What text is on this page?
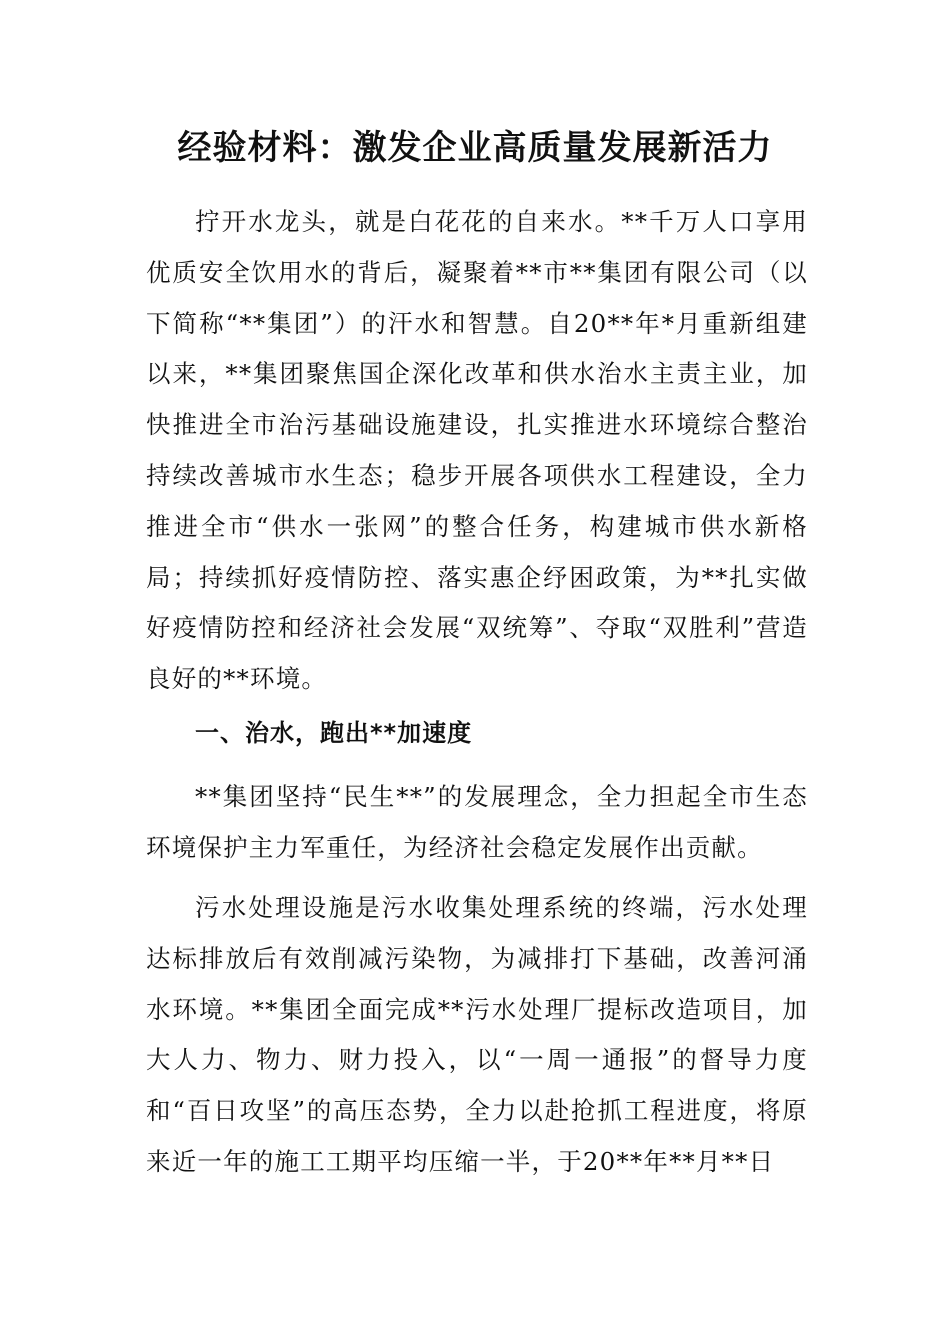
经验材料：激发企业高质量发展新活力

拧开水龙头，就是白花花的自来水。**千万人口享用优质安全饮用水的背后，凝聚着**市**集团有限公司（以下简称“**集团”）的汗水和智慧。自20**年*月重新组建以来，**集团聚焦国企深化改革和供水治水主责主业，加快推进全市治污基础设施建设，扎实推进水环境综合整治持续改善城市水生态；稳步开展各项供水工程建设，全力推进全市“供水一张网”的整合任务，构建城市供水新格局；持续抓好疫情防控、落实惠企纾困政策，为**扎实做好疫情防控和经济社会发展“双统筹”、夺取“双胜利”营造良好的**环境。

一、治水，跑出**加速度

**集团坚持“民生**”的发展理念，全力担起全市生态环境保护主力军重任，为经济社会稳定发展作出贡献。

污水处理设施是污水收集处理系统的终端，污水处理达标排放后有效削减污染物，为减排打下基础，改善河涌水环境。**集团全面完成**污水处理厂提标改造项目，加大人力、物力、财力投入，以“一周一通报”的督导力度和“百日攻坚”的高压态势，全力以赴抢抓工程进度，将原来近一年的施工工期平均压缩一半，于20**年**月**日
